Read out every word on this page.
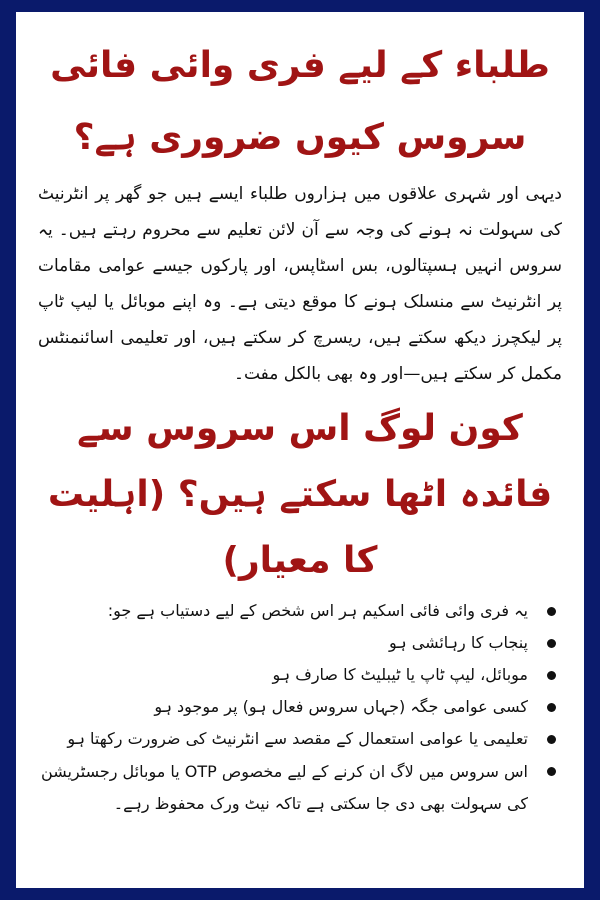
طلباء کے لیے فری وائی فائی سروس کیوں ضروری ہے؟

دیہی اور شہری علاقوں میں ہزاروں طلباء ایسے ہیں جو گھر پر انٹرنیٹ کی سہولت نہ ہونے کی وجہ سے آن لائن تعلیم سے محروم رہتے ہیں۔ یہ سروس انہیں ہسپتالوں، بس اسٹاپس، اور پارکوں جیسے عوامی مقامات پر انٹرنیٹ سے منسلک ہونے کا موقع دیتی ہے۔ وہ اپنے موبائل یا لیپ ٹاپ پر لیکچرز دیکھ سکتے ہیں، ریسرچ کر سکتے ہیں، اور تعلیمی اسائنمنٹس مکمل کر سکتے ہیں—اور وہ بھی بالکل مفت۔

کون لوگ اس سروس سے فائدہ اٹھا سکتے ہیں؟ (اہلیت کا معیار)
یہ فری وائی فائی اسکیم ہر اس شخص کے لیے دستیاب ہے جو:
پنجاب کا رہائشی ہو
موبائل، لیپ ٹاپ یا ٹیبلیٹ کا صارف ہو
کسی عوامی جگہ (جہاں سروس فعال ہو) پر موجود ہو
تعلیمی یا عوامی استعمال کے مقصد سے انٹرنیٹ کی ضرورت رکھتا ہو
اس سروس میں لاگ ان کرنے کے لیے مخصوص OTP یا موبائل رجسٹریشن کی سہولت بھی دی جا سکتی ہے تاکہ نیٹ ورک محفوظ رہے۔
